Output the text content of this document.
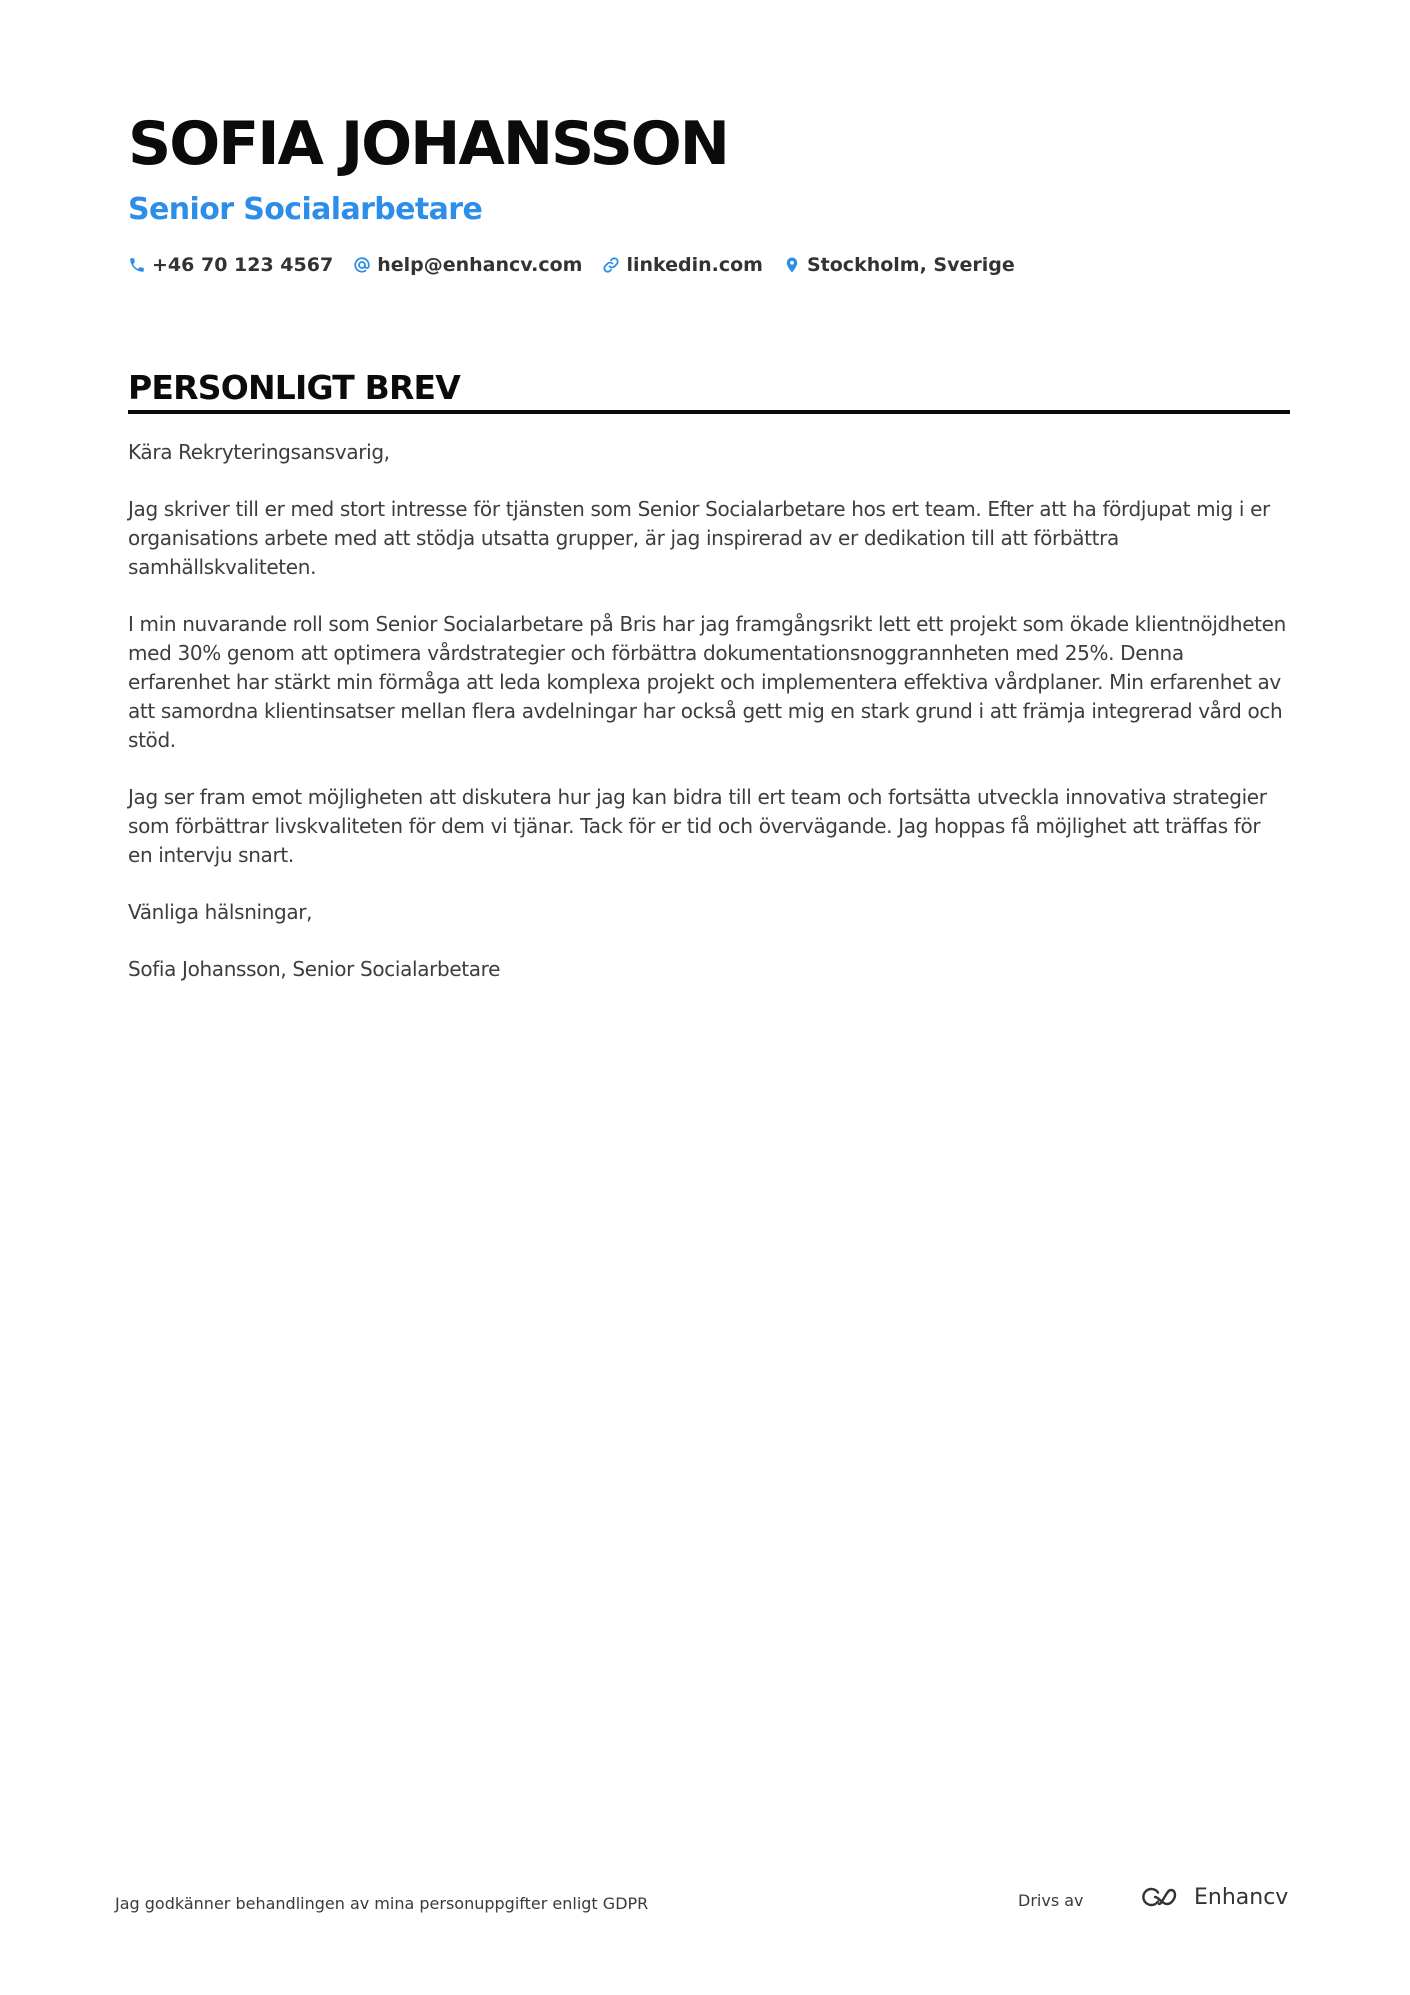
SOFIA JOHANSSON
Senior Socialarbetare
+46 70 123 4567 help@enhancv.com linkedin.com Stockholm, Sverige
PERSONLIGT BREV

Kära Rekryteringsansvarig,

Jag skriver till er med stort intresse för tjänsten som Senior Socialarbetare hos ert team. Efter att ha fördjupat mig i er organisations arbete med att stödja utsatta grupper, är jag inspirerad av er dedikation till att förbättra samhällskvaliteten.

I min nuvarande roll som Senior Socialarbetare på Bris har jag framgångsrikt lett ett projekt som ökade klientnöjdheten med 30% genom att optimera vårdstrategier och förbättra dokumentationsnoggrannheten med 25%. Denna erfarenhet har stärkt min förmåga att leda komplexa projekt och implementera effektiva vårdplaner. Min erfarenhet av att samordna klientinsatser mellan flera avdelningar har också gett mig en stark grund i att främja integrerad vård och stöd.

Jag ser fram emot möjligheten att diskutera hur jag kan bidra till ert team och fortsätta utveckla innovativa strategier som förbättrar livskvaliteten för dem vi tjänar. Tack för er tid och övervägande. Jag hoppas få möjlighet att träffas för en intervju snart.

Vänliga hälsningar,

Sofia Johansson, Senior Socialarbetare

Jag godkänner behandlingen av mina personuppgifter enligt GDPR	Drivs av	Enhancv
